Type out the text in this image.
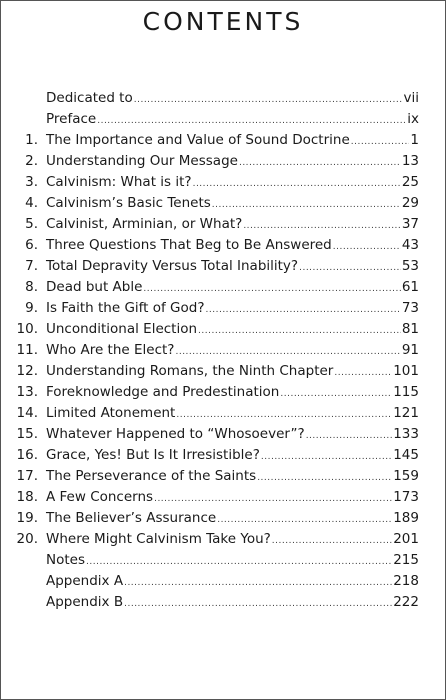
CONTENTS
Dedicated to .....	vii
Preface .....	ix
1. The Importance and Value of Sound Doctrine .....	1
2. Understanding Our Message .....	13
3. Calvinism: What is it? .....	25
4. Calvinism’s Basic Tenets .....	29
5. Calvinist, Arminian, or What? .....	37
6. Three Questions That Beg to Be Answered .....	43
7. Total Depravity Versus Total Inability? .....	53
8. Dead but Able .....	61
9. Is Faith the Gift of God? .....	73
10. Unconditional Election .....	81
11. Who Are the Elect? .....	91
12. Understanding Romans, the Ninth Chapter .....	101
13. Foreknowledge and Predestination .....	115
14. Limited Atonement .....	121
15. Whatever Happened to “Whosoever”? .....	133
16. Grace, Yes! But Is It Irresistible? .....	145
17. The Perseverance of the Saints .....	159
18. A Few Concerns .....	173
19. The Believer’s Assurance .....	189
20. Where Might Calvinism Take You? .....	201
Notes .....	215
Appendix A .....	218
Appendix B .....	222
